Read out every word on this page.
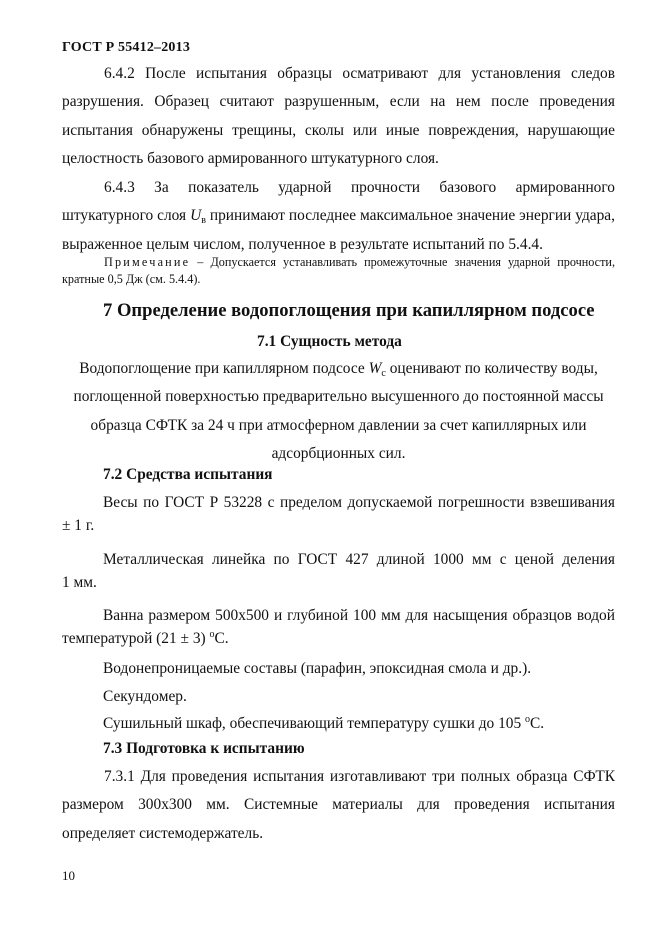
ГОСТ Р 55412–2013

6.4.2 После испытания образцы осматривают для установления следов разрушения. Образец считают разрушенным, если на нем после проведения испытания обнаружены трещины, сколы или иные повреждения, нарушающие целостность базового армированного штукатурного слоя.

6.4.3 За показатель ударной прочности базового армированного штукатурного слоя $U_в$ принимают последнее максимальное значение энергии удара, выраженное целым числом, полученное в результате испытаний по 5.4.4.

Примечание – Допускается устанавливать промежуточные значения ударной прочности, кратные 0,5 Дж (см. 5.4.4).

7 Определение водопоглощения при капиллярном подсосе
7.1 Сущность метода

Водопоглощение при капиллярном подсосе $W_с$ оценивают по количеству воды, поглощенной поверхностью предварительно высушенного до постоянной массы образца СФТК за 24 ч при атмосферном давлении за счет капиллярных или адсорбционных сил.

7.2 Средства испытания

Весы по ГОСТ Р 53228 с пределом допускаемой погрешности взвешивания

± 1 г.

Металлическая линейка по ГОСТ 427 длиной 1000 мм с ценой деления

1 мм.

Ванна размером 500х500 и глубиной 100 мм для насыщения образцов водой

температурой (21 ± 3) $^о$С.

Водонепроницаемые составы (парафин, эпоксидная смола и др.).

Секундомер.

Сушильный шкаф, обеспечивающий температуру сушки до 105 $^о$С.

7.3 Подготовка к испытанию

7.3.1 Для проведения испытания изготавливают три полных образца СФТК размером 300х300 мм. Системные материалы для проведения испытания определяет системодержатель.

10
